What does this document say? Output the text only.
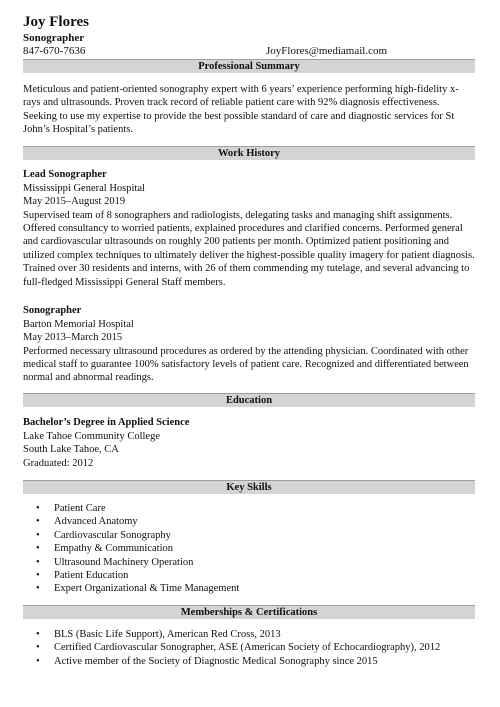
Joy Flores
Sonographer
847-670-7636	JoyFlores@mediamail.com
Professional Summary
Meticulous and patient-oriented sonography expert with 6 years’ experience performing high-fidelity x-rays and ultrasounds. Proven track record of reliable patient care with 92% diagnosis effectiveness. Seeking to use my expertise to provide the best possible standard of care and diagnostic services for St John’s Hospital’s patients.
Work History
Lead Sonographer
Mississippi General Hospital
May 2015–August 2019
Supervised team of 8 sonographers and radiologists, delegating tasks and managing shift assignments. Offered consultancy to worried patients, explained procedures and clarified concerns. Performed general and cardiovascular ultrasounds on roughly 200 patients per month. Optimized patient positioning and utilized complex techniques to ultimately deliver the highest-possible quality imagery for patient diagnosis. Trained over 30 residents and interns, with 26 of them commending my tutelage, and several advancing to full-fledged Mississippi General Staff members.
Sonographer
Barton Memorial Hospital
May 2013–March 2015
Performed necessary ultrasound procedures as ordered by the attending physician. Coordinated with other medical staff to guarantee 100% satisfactory levels of patient care. Recognized and differentiated between normal and abnormal readings.
Education
Bachelor’s Degree in Applied Science
Lake Tahoe Community College
South Lake Tahoe, CA
Graduated: 2012
Key Skills
• Patient Care
• Advanced Anatomy
• Cardiovascular Sonography
• Empathy & Communication
• Ultrasound Machinery Operation
• Patient Education
• Expert Organizational & Time Management
Memberships & Certifications
• BLS (Basic Life Support), American Red Cross, 2013
• Certified Cardiovascular Sonographer, ASE (American Society of Echocardiography), 2012
• Active member of the Society of Diagnostic Medical Sonography since 2015
